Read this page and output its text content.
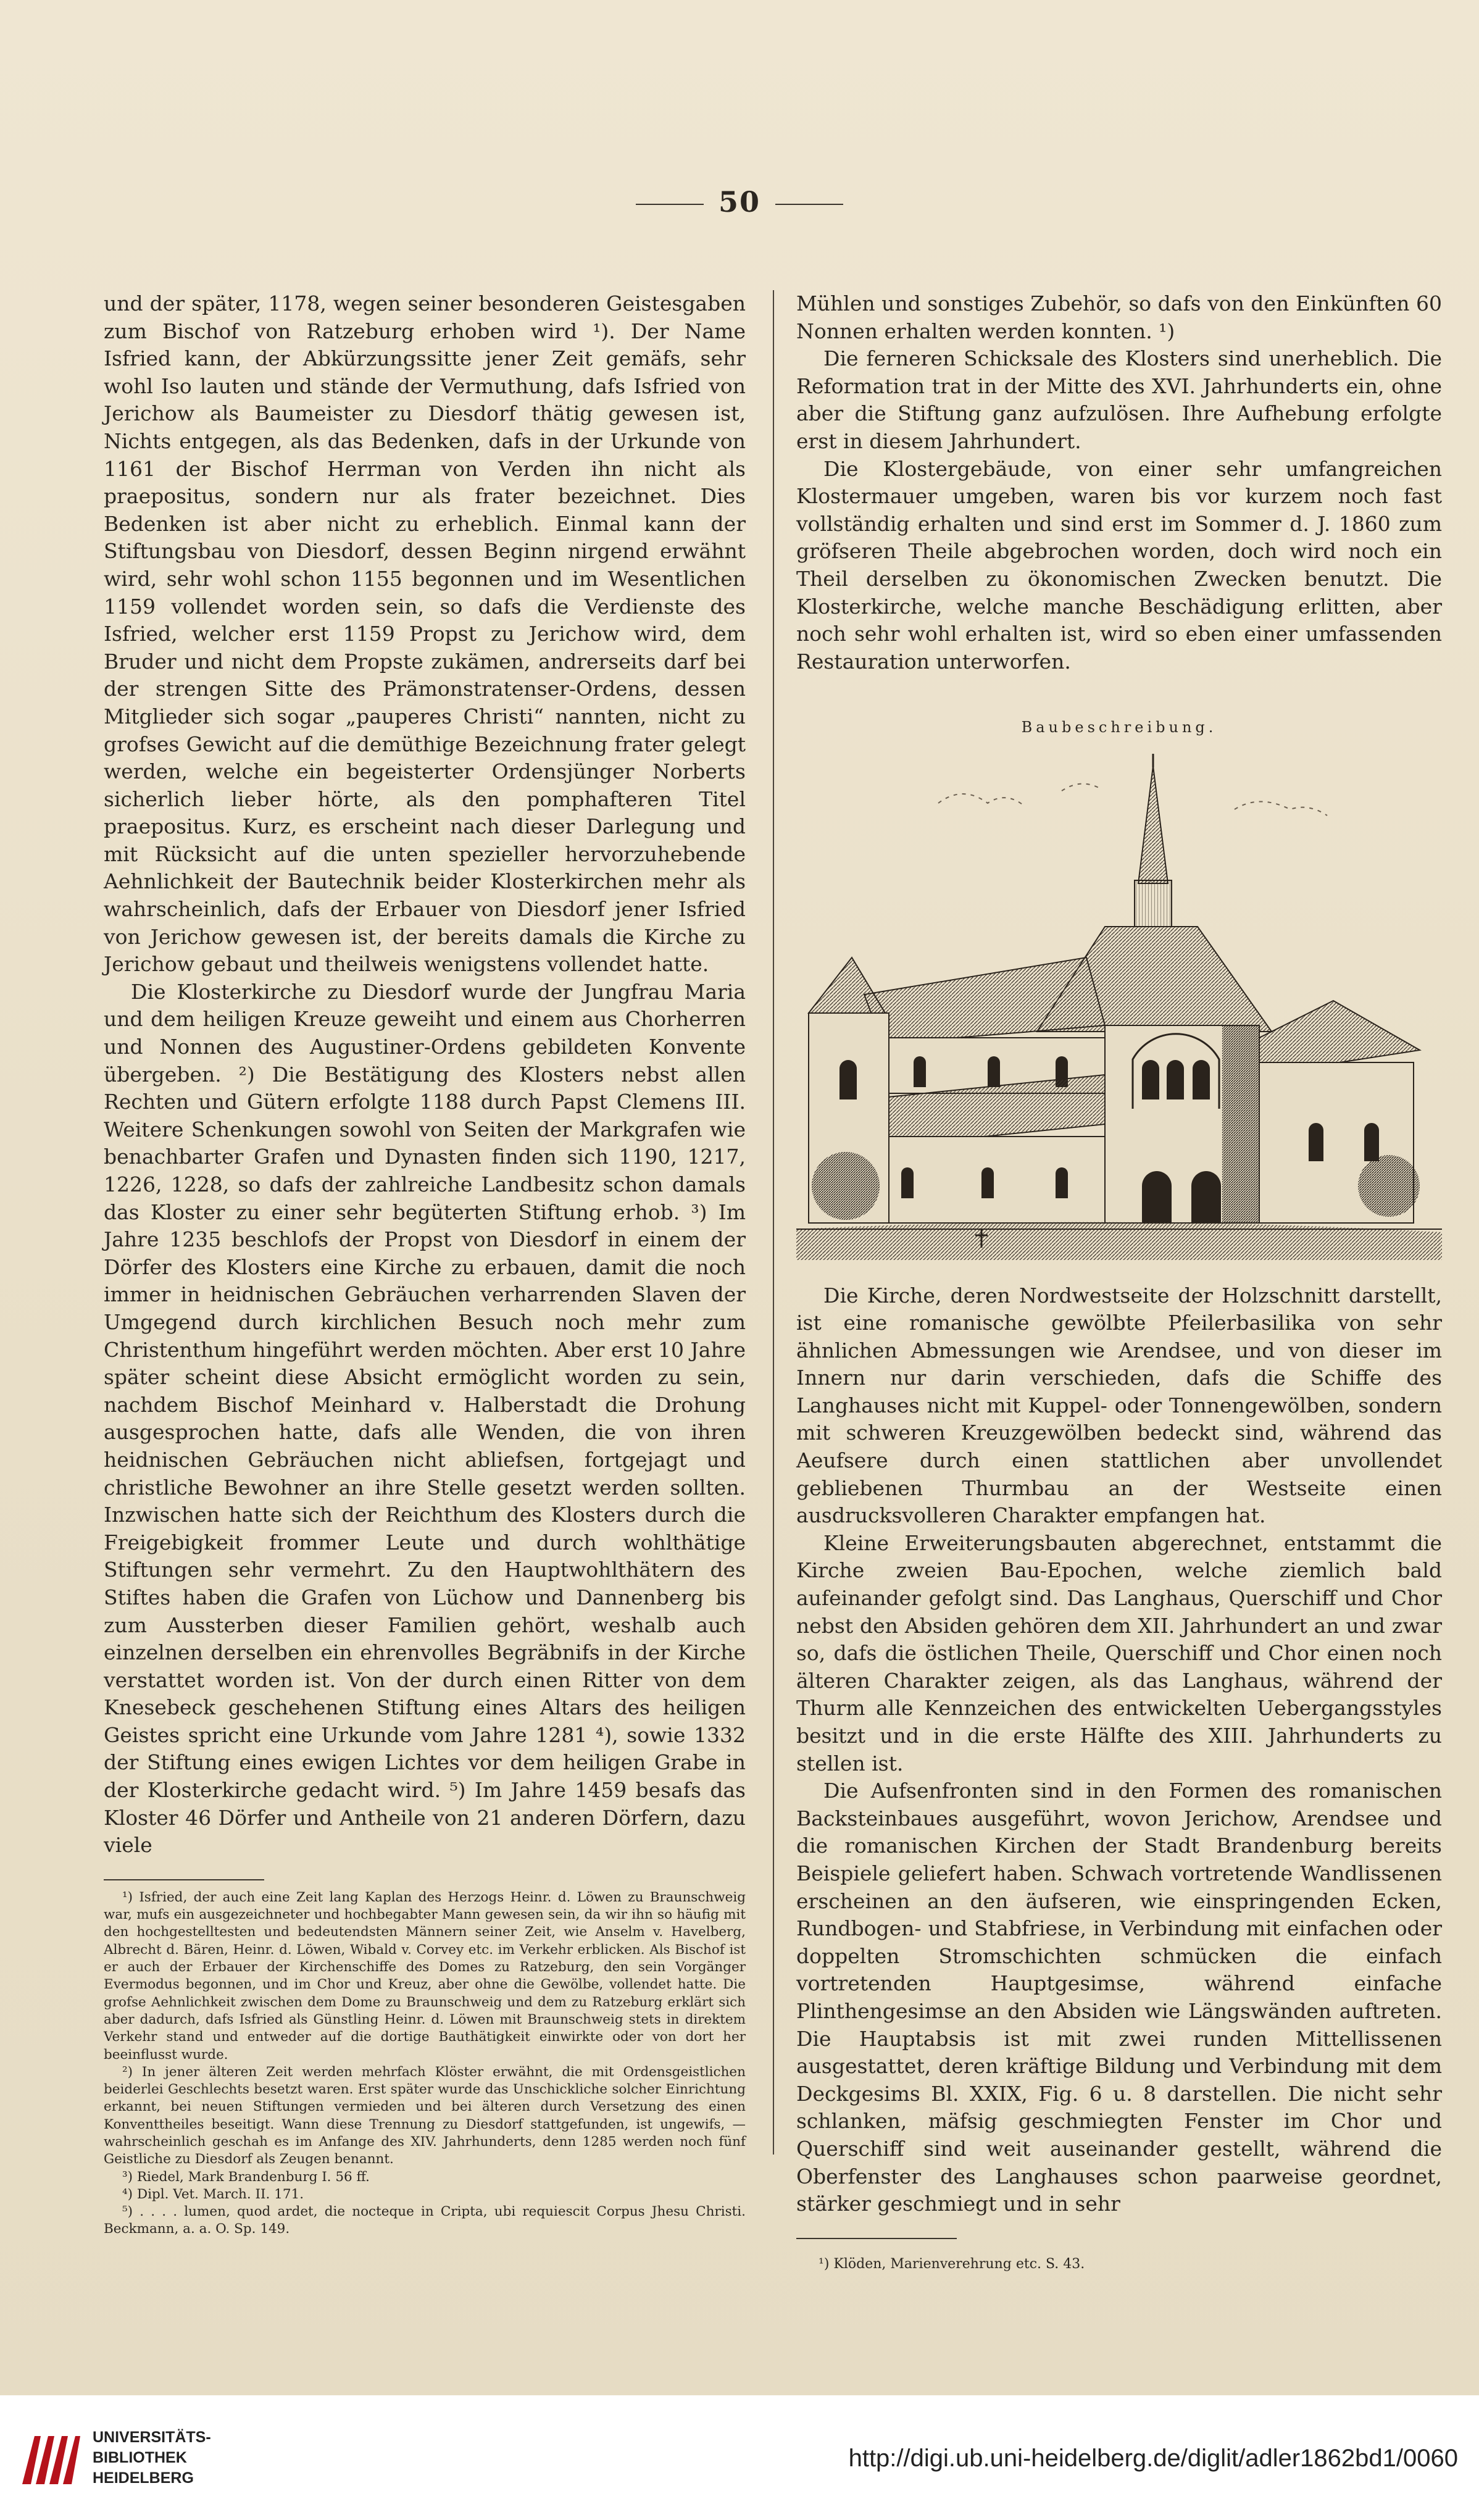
50

und der später, 1178, wegen seiner besonderen Geistesgaben zum Bischof von Ratzeburg erhoben wird ¹). Der Name Isfried kann, der Abkürzungssitte jener Zeit gemäfs, sehr wohl Iso lauten und stände der Vermuthung, dafs Isfried von Jerichow als Baumeister zu Diesdorf thätig gewesen ist, Nichts entgegen, als das Bedenken, dafs in der Urkunde von 1161 der Bischof Herrman von Verden ihn nicht als praepositus, sondern nur als frater bezeichnet. Dies Bedenken ist aber nicht zu erheblich. Einmal kann der Stiftungsbau von Diesdorf, dessen Beginn nirgend erwähnt wird, sehr wohl schon 1155 begonnen und im Wesentlichen 1159 vollendet worden sein, so dafs die Verdienste des Isfried, welcher erst 1159 Propst zu Jerichow wird, dem Bruder und nicht dem Propste zukämen, andrerseits darf bei der strengen Sitte des Prämonstratenser-Ordens, dessen Mitglieder sich sogar „pauperes Christi“ nannten, nicht zu grofses Gewicht auf die demüthige Bezeichnung frater gelegt werden, welche ein begeisterter Ordensjünger Norberts sicherlich lieber hörte, als den pomphafteren Titel praepositus. Kurz, es erscheint nach dieser Darlegung und mit Rücksicht auf die unten spezieller hervorzuhebende Aehnlichkeit der Bautechnik beider Klosterkirchen mehr als wahrscheinlich, dafs der Erbauer von Diesdorf jener Isfried von Jerichow gewesen ist, der bereits damals die Kirche zu Jerichow gebaut und theilweis wenigstens vollendet hatte.

Die Klosterkirche zu Diesdorf wurde der Jungfrau Maria und dem heiligen Kreuze geweiht und einem aus Chorherren und Nonnen des Augustiner-Ordens gebildeten Konvente übergeben. ²) Die Bestätigung des Klosters nebst allen Rechten und Gütern erfolgte 1188 durch Papst Clemens III. Weitere Schenkungen sowohl von Seiten der Markgrafen wie benachbarter Grafen und Dynasten finden sich 1190, 1217, 1226, 1228, so dafs der zahlreiche Landbesitz schon damals das Kloster zu einer sehr begüterten Stiftung erhob. ³) Im Jahre 1235 beschlofs der Propst von Diesdorf in einem der Dörfer des Klosters eine Kirche zu erbauen, damit die noch immer in heidnischen Gebräuchen verharrenden Slaven der Umgegend durch kirchlichen Besuch noch mehr zum Christenthum hingeführt werden möchten. Aber erst 10 Jahre später scheint diese Absicht ermöglicht worden zu sein, nachdem Bischof Meinhard v. Halberstadt die Drohung ausgesprochen hatte, dafs alle Wenden, die von ihren heidnischen Gebräuchen nicht abliefsen, fortgejagt und christliche Bewohner an ihre Stelle gesetzt werden sollten. Inzwischen hatte sich der Reichthum des Klosters durch die Freigebigkeit frommer Leute und durch wohlthätige Stiftungen sehr vermehrt. Zu den Hauptwohlthätern des Stiftes haben die Grafen von Lüchow und Dannenberg bis zum Aussterben dieser Familien gehört, weshalb auch einzelnen derselben ein ehrenvolles Begräbnifs in der Kirche verstattet worden ist. Von der durch einen Ritter von dem Knesebeck geschehenen Stiftung eines Altars des heiligen Geistes spricht eine Urkunde vom Jahre 1281 ⁴), sowie 1332 der Stiftung eines ewigen Lichtes vor dem heiligen Grabe in der Klosterkirche gedacht wird. ⁵) Im Jahre 1459 besafs das Kloster 46 Dörfer und Antheile von 21 anderen Dörfern, dazu viele

¹) Isfried, der auch eine Zeit lang Kaplan des Herzogs Heinr. d. Löwen zu Braunschweig war, mufs ein ausgezeichneter und hochbegabter Mann gewesen sein, da wir ihn so häufig mit den hochgestelltesten und bedeutendsten Männern seiner Zeit, wie Anselm v. Havelberg, Albrecht d. Bären, Heinr. d. Löwen, Wibald v. Corvey etc. im Verkehr erblicken. Als Bischof ist er auch der Erbauer der Kirchenschiffe des Domes zu Ratzeburg, den sein Vorgänger Evermodus begonnen, und im Chor und Kreuz, aber ohne die Gewölbe, vollendet hatte. Die grofse Aehnlichkeit zwischen dem Dome zu Braunschweig und dem zu Ratzeburg erklärt sich aber dadurch, dafs Isfried als Günstling Heinr. d. Löwen mit Braunschweig stets in direktem Verkehr stand und entweder auf die dortige Bauthätigkeit einwirkte oder von dort her beeinflusst wurde.

²) In jener älteren Zeit werden mehrfach Klöster erwähnt, die mit Ordensgeistlichen beiderlei Geschlechts besetzt waren. Erst später wurde das Unschickliche solcher Einrichtung erkannt, bei neuen Stiftungen vermieden und bei älteren durch Versetzung des einen Konventtheiles beseitigt. Wann diese Trennung zu Diesdorf stattgefunden, ist ungewifs, — wahrscheinlich geschah es im Anfange des XIV. Jahrhunderts, denn 1285 werden noch fünf Geistliche zu Diesdorf als Zeugen benannt.

³) Riedel, Mark Brandenburg I. 56 ff.

⁴) Dipl. Vet. March. II. 171.

⁵) . . . . lumen, quod ardet, die nocteque in Cripta, ubi requiescit Corpus Jhesu Christi. Beckmann, a. a. O. Sp. 149.

Mühlen und sonstiges Zubehör, so dafs von den Einkünften 60 Nonnen erhalten werden konnten. ¹)

Die ferneren Schicksale des Klosters sind unerheblich. Die Reformation trat in der Mitte des XVI. Jahrhunderts ein, ohne aber die Stiftung ganz aufzulösen. Ihre Aufhebung erfolgte erst in diesem Jahrhundert.

Die Klostergebäude, von einer sehr umfangreichen Klostermauer umgeben, waren bis vor kurzem noch fast vollständig erhalten und sind erst im Sommer d. J. 1860 zum gröfseren Theile abgebrochen worden, doch wird noch ein Theil derselben zu ökonomischen Zwecken benutzt. Die Klosterkirche, welche manche Beschädigung erlitten, aber noch sehr wohl erhalten ist, wird so eben einer umfassenden Restauration unterworfen.

Baubeschreibung.

Die Kirche, deren Nordwestseite der Holzschnitt darstellt, ist eine romanische gewölbte Pfeilerbasilika von sehr ähnlichen Abmessungen wie Arendsee, und von dieser im Innern nur darin verschieden, dafs die Schiffe des Langhauses nicht mit Kuppel- oder Tonnengewölben, sondern mit schweren Kreuzgewölben bedeckt sind, während das Aeufsere durch einen stattlichen aber unvollendet gebliebenen Thurmbau an der Westseite einen ausdrucksvolleren Charakter empfangen hat.

Kleine Erweiterungsbauten abgerechnet, entstammt die Kirche zweien Bau-Epochen, welche ziemlich bald aufeinander gefolgt sind. Das Langhaus, Querschiff und Chor nebst den Absiden gehören dem XII. Jahrhundert an und zwar so, dafs die östlichen Theile, Querschiff und Chor einen noch älteren Charakter zeigen, als das Langhaus, während der Thurm alle Kennzeichen des entwickelten Uebergangsstyles besitzt und in die erste Hälfte des XIII. Jahrhunderts zu stellen ist.

Die Aufsenfronten sind in den Formen des romanischen Backsteinbaues ausgeführt, wovon Jerichow, Arendsee und die romanischen Kirchen der Stadt Brandenburg bereits Beispiele geliefert haben. Schwach vortretende Wandlissenen erscheinen an den äufseren, wie einspringenden Ecken, Rundbogen- und Stabfriese, in Verbindung mit einfachen oder doppelten Stromschichten schmücken die einfach vortretenden Hauptgesimse, während einfache Plinthengesimse an den Absiden wie Längswänden auftreten. Die Hauptabsis ist mit zwei runden Mittellissenen ausgestattet, deren kräftige Bildung und Verbindung mit dem Deckgesims Bl. XXIX, Fig. 6 u. 8 darstellen. Die nicht sehr schlanken, mäfsig geschmiegten Fenster im Chor und Querschiff sind weit auseinander gestellt, während die Oberfenster des Langhauses schon paarweise geordnet, stärker geschmiegt und in sehr

¹) Klöden, Marienverehrung etc. S. 43.
UNIVERSITÄTS-
BIBLIOTHEK
HEIDELBERG
http://digi.ub.uni-heidelberg.de/diglit/adler1862bd1/0060
